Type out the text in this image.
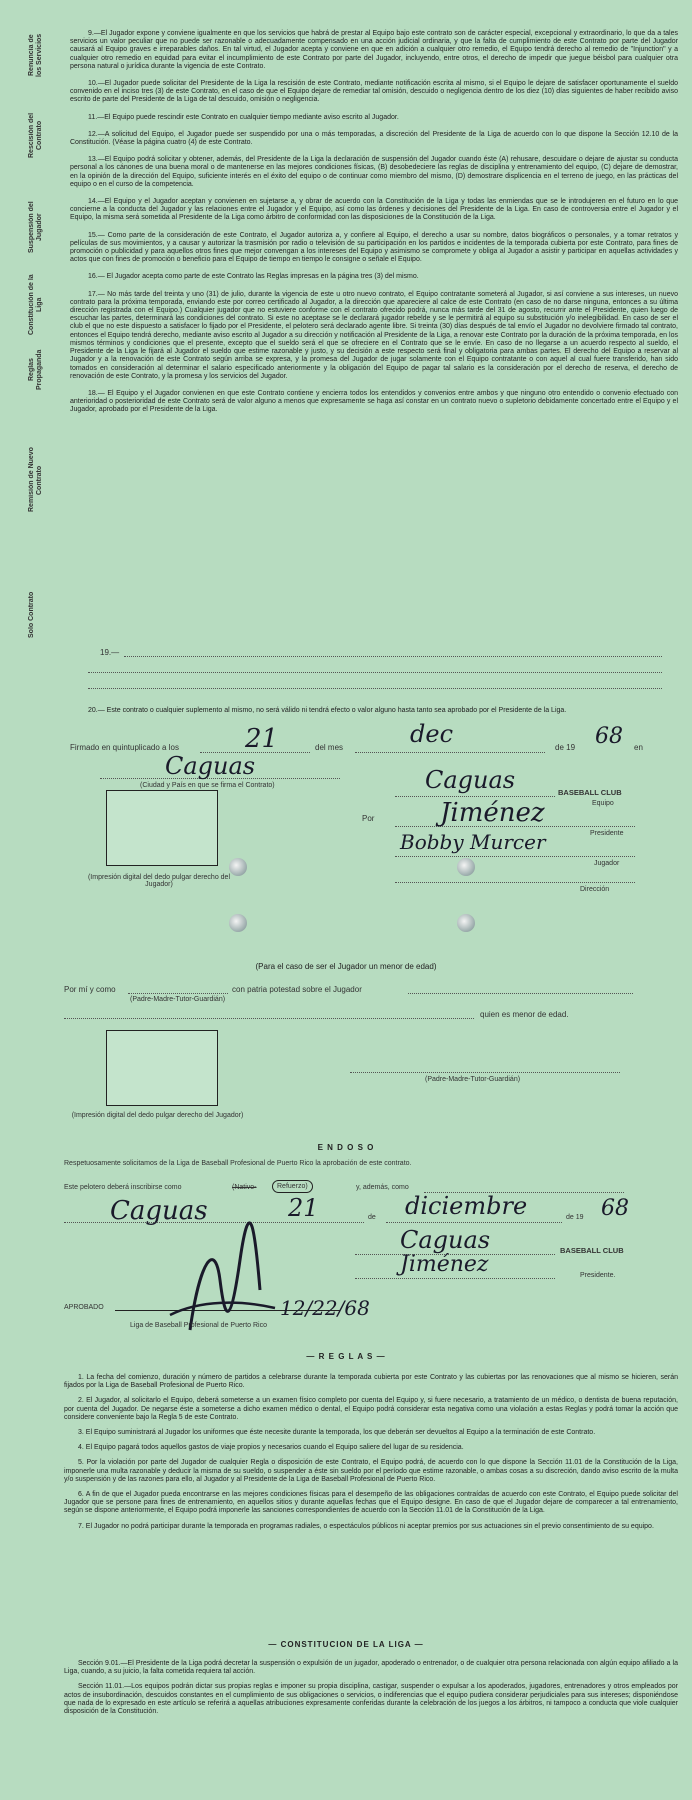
Renuncia de los Servicios
Rescisión del Contrato
Suspensión del Jugador
Constitución de la Liga
Reglas Propaganda
Remisión de Nuevo Contrato
Solo Contrato

9.—El Jugador expone y conviene igualmente en que los servicios que habrá de prestar al Equipo bajo este contrato son de carácter especial, excepcional y extraordinario, lo que da a tales servicios un valor peculiar que no puede ser razonable o adecuadamente compensado en una acción judicial ordinaria, y que la falta de cumplimiento de este Contrato por parte del Jugador causará al Equipo graves e irreparables daños. En tal virtud, el Jugador acepta y conviene en que en adición a cualquier otro remedio, el Equipo tendrá derecho al remedio de "Injunction" y a cualquier otro remedio en equidad para evitar el incumplimiento de este Contrato por parte del Jugador, incluyendo, entre otros, el derecho de impedir que juegue béisbol para cualquier otra persona natural o jurídica durante la vigencia de este Contrato.

10.—El Jugador puede solicitar del Presidente de la Liga la rescisión de este Contrato, mediante notificación escrita al mismo, si el Equipo le dejare de satisfacer oportunamente el sueldo convenido en el inciso tres (3) de este Contrato, en el caso de que el Equipo dejare de remediar tal omisión, descuido o negligencia dentro de los diez (10) días siguientes de haber recibido aviso escrito de parte del Presidente de la Liga de tal descuido, omisión o negligencia.

11.—El Equipo puede rescindir este Contrato en cualquier tiempo mediante aviso escrito al Jugador.

12.—A solicitud del Equipo, el Jugador puede ser suspendido por una o más temporadas, a discreción del Presidente de la Liga de acuerdo con lo que dispone la Sección 12.10 de la Constitución. (Véase la página cuatro (4) de este Contrato.

13.—El Equipo podrá solicitar y obtener, además, del Presidente de la Liga la declaración de suspensión del Jugador cuando éste (A) rehusare, descuidare o dejare de ajustar su conducta personal a los cánones de una buena moral o de mantenerse en las mejores condiciones físicas, (B) desobedeciere las reglas de disciplina y entrenamiento del equipo, (C) dejare de demostrar, en la opinión de la dirección del Equipo, suficiente interés en el éxito del equipo o de continuar como miembro del mismo, (D) demostrare displicencia en el terreno de juego, en las prácticas del equipo o en el curso de la competencia.

14.—El Equipo y el Jugador aceptan y convienen en sujetarse a, y obrar de acuerdo con la Constitución de la Liga y todas las enmiendas que se le introdujeren en el futuro en lo que concierne a la conducta del Jugador y las relaciones entre el Jugador y el Equipo, así como las órdenes y decisiones del Presidente de la Liga. En caso de controversia entre el Jugador y el Equipo, la misma será sometida al Presidente de la Liga como árbitro de conformidad con las disposiciones de la Constitución de la Liga.

15.— Como parte de la consideración de este Contrato, el Jugador autoriza a, y confiere al Equipo, el derecho a usar su nombre, datos biográficos o personales, y a tomar retratos y películas de sus movimientos, y a causar y autorizar la trasmisión por radio o televisión de su participación en los partidos e incidentes de la temporada cubierta por este Contrato, para fines de promoción o publicidad y para aquellos otros fines que mejor convengan a los intereses del Equipo y asimismo se compromete y obliga al Jugador a asistir y participar en aquellas actividades y actos que con fines de promoción o beneficio para el Equipo de tiempo en tiempo le consigne o señale el Equipo.

16.— El Jugador acepta como parte de este Contrato las Reglas impresas en la página tres (3) del mismo.

17.— No más tarde del treinta y uno (31) de julio, durante la vigencia de este u otro nuevo contrato, el Equipo contratante someterá al Jugador, si así conviene a sus intereses, un nuevo contrato para la próxima temporada, enviando este por correo certificado al Jugador, a la dirección que apareciere al calce de este Contrato (en caso de no darse ninguna, entonces a su última dirección registrada con el Equipo.) Cualquier jugador que no estuviere conforme con el contrato ofrecido podrá, nunca más tarde del 31 de agosto, recurrir ante el Presidente, quien luego de escuchar las partes, determinará las condiciones del contrato. Si este no aceptase se le declarará jugador rebelde y se le permitirá al equipo su substitución y/o inelegibilidad. En caso de ser el club el que no este dispuesto a satisfacer lo fijado por el Presidente, el pelotero será declarado agente libre. Si treinta (30) días después de tal envío el Jugador no devolviere firmado tal contrato, entonces el Equipo tendrá derecho, mediante aviso escrito al Jugador a su dirección y notificación al Presidente de la Liga, a renovar este Contrato por la duración de la próxima temporada, en los mismos términos y condiciones que el presente, excepto que el sueldo será el que se ofreciere en el Contrato que se le envíe. En caso de no llegarse a un acuerdo respecto al sueldo, el Presidente de la Liga le fijará al Jugador el sueldo que estime razonable y justo, y su decisión a este respecto será final y obligatoria para ambas partes. El derecho del Equipo a reservar al Jugador y a la renovación de este Contrato según arriba se expresa, y la promesa del Jugador de jugar solamente con el Equipo contratante o con aquel al cual fuere transferido, han sido tomados en consideración al determinar el salario especificado anteriormente y la obligación del Equipo de pagar tal salario es la consideración por el derecho de reserva, el derecho de renovación de este Contrato, y la promesa y los servicios del Jugador.

18.— El Equipo y el Jugador convienen en que este Contrato contiene y encierra todos los entendidos y convenios entre ambos y que ninguno otro entendido o convenio efectuado con anterioridad o posterioridad de este Contrato será de valor alguno a menos que expresamente se haga así constar en un contrato nuevo o supletorio debidamente concertado entre el Equipo y el Jugador, aprobado por el Presidente de la Liga.

19.—
20.— Este contrato o cualquier suplemento al mismo, no será válido ni tendrá efecto o valor alguno hasta tanto sea aprobado por el Presidente de la Liga.
Firmado en quintuplicado a los	21	del mes	dec	de 19 68 en
Caguas
(Ciudad y País en que se firma el Contrato)	Caguas	BASEBALL CLUB
Equipo
Por	Jiménez
Presidente
Bobby Murcer
Jugador
Dirección
(Impresión digital del dedo pulgar derecho del Jugador)
(Para el caso de ser el Jugador un menor de edad)
Por mí y como	con patria potestad sobre el Jugador
(Padre-Madre-Tutor-Guardián)
quien es menor de edad.
(Padre-Madre-Tutor-Guardián)
(Impresión digital del dedo pulgar derecho del Jugador)
E N D O S O
Respetuosamente solicitamos de la Liga de Baseball Profesional de Puerto Rico la aprobación de este contrato.
Este pelotero deberá inscribirse como	(Nativo-	Refuerzo)	y, además, como
Caguas	21	de diciembre	de 19 68
Caguas	BASEBALL CLUB
Jiménez	Presidente.
APROBADO	12/22/68
Liga de Baseball Profesional de Puerto Rico
— R E G L A S —

1. La fecha del comienzo, duración y número de partidos a celebrarse durante la temporada cubierta por este Contrato y las cubiertas por las renovaciones que al mismo se hicieren, serán fijados por la Liga de Baseball Profesional de Puerto Rico.

2. El Jugador, al solicitarlo el Equipo, deberá someterse a un examen físico completo por cuenta del Equipo y, si fuere necesario, a tratamiento de un médico, o dentista de buena reputación, por cuenta del Jugador. De negarse éste a someterse a dicho examen médico o dental, el Equipo podrá considerar esta negativa como una violación a estas Reglas y podrá tomar la acción que considere conveniente bajo la Regla 5 de este Contrato.

3. El Equipo suministrará al Jugador los uniformes que éste necesite durante la temporada, los que deberán ser devueltos al Equipo a la terminación de este Contrato.

4. El Equipo pagará todos aquellos gastos de viaje propios y necesarios cuando el Equipo saliere del lugar de su residencia.

5. Por la violación por parte del Jugador de cualquier Regla o disposición de este Contrato, el Equipo podrá, de acuerdo con lo que dispone la Sección 11.01 de la Constitución de la Liga, imponerle una multa razonable y deducir la misma de su sueldo, o suspender a éste sin sueldo por el período que estime razonable, o ambas cosas a su discreción, dando aviso escrito de la multa y/o suspensión y de las razones para ello, al Jugador y al Presidente de la Liga de Baseball Profesional de Puerto Rico.

6. A fin de que el Jugador pueda encontrarse en las mejores condiciones físicas para el desempeño de las obligaciones contraídas de acuerdo con este Contrato, el Equipo puede solicitar del Jugador que se persone para fines de entrenamiento, en aquellos sitios y durante aquellas fechas que el Equipo designe. En caso de que el Jugador dejare de comparecer a tal entrenamiento, según se dispone anteriormente, el Equipo podrá imponerle las sanciones correspondientes de acuerdo con la Sección 11.01 de la Constitución de la Liga.

7. El Jugador no podrá participar durante la temporada en programas radiales, o espectáculos públicos ni aceptar premios por sus actuaciones sin el previo consentimiento de su equipo.

— CONSTITUCION DE LA LIGA —

Sección 9.01.—El Presidente de la Liga podrá decretar la suspensión o expulsión de un jugador, apoderado o entrenador, o de cualquier otra persona relacionada con algún equipo afiliado a la Liga, cuando, a su juicio, la falta cometida requiera tal acción.

Sección 11.01.—Los equipos podrán dictar sus propias reglas e imponer su propia disciplina, castigar, suspender o expulsar a los apoderados, jugadores, entrenadores y otros empleados por actos de insubordinación, descuidos constantes en el cumplimiento de sus obligaciones o servicios, o indiferencias que el equipo pudiera considerar perjudiciales para sus intereses; disponiéndose que nada de lo expresado en este artículo se referirá a aquellas atribuciones expresamente conferidas durante la celebración de los juegos a los árbitros, ni tampoco a conducta que viole cualquier disposición de la Constitución.
